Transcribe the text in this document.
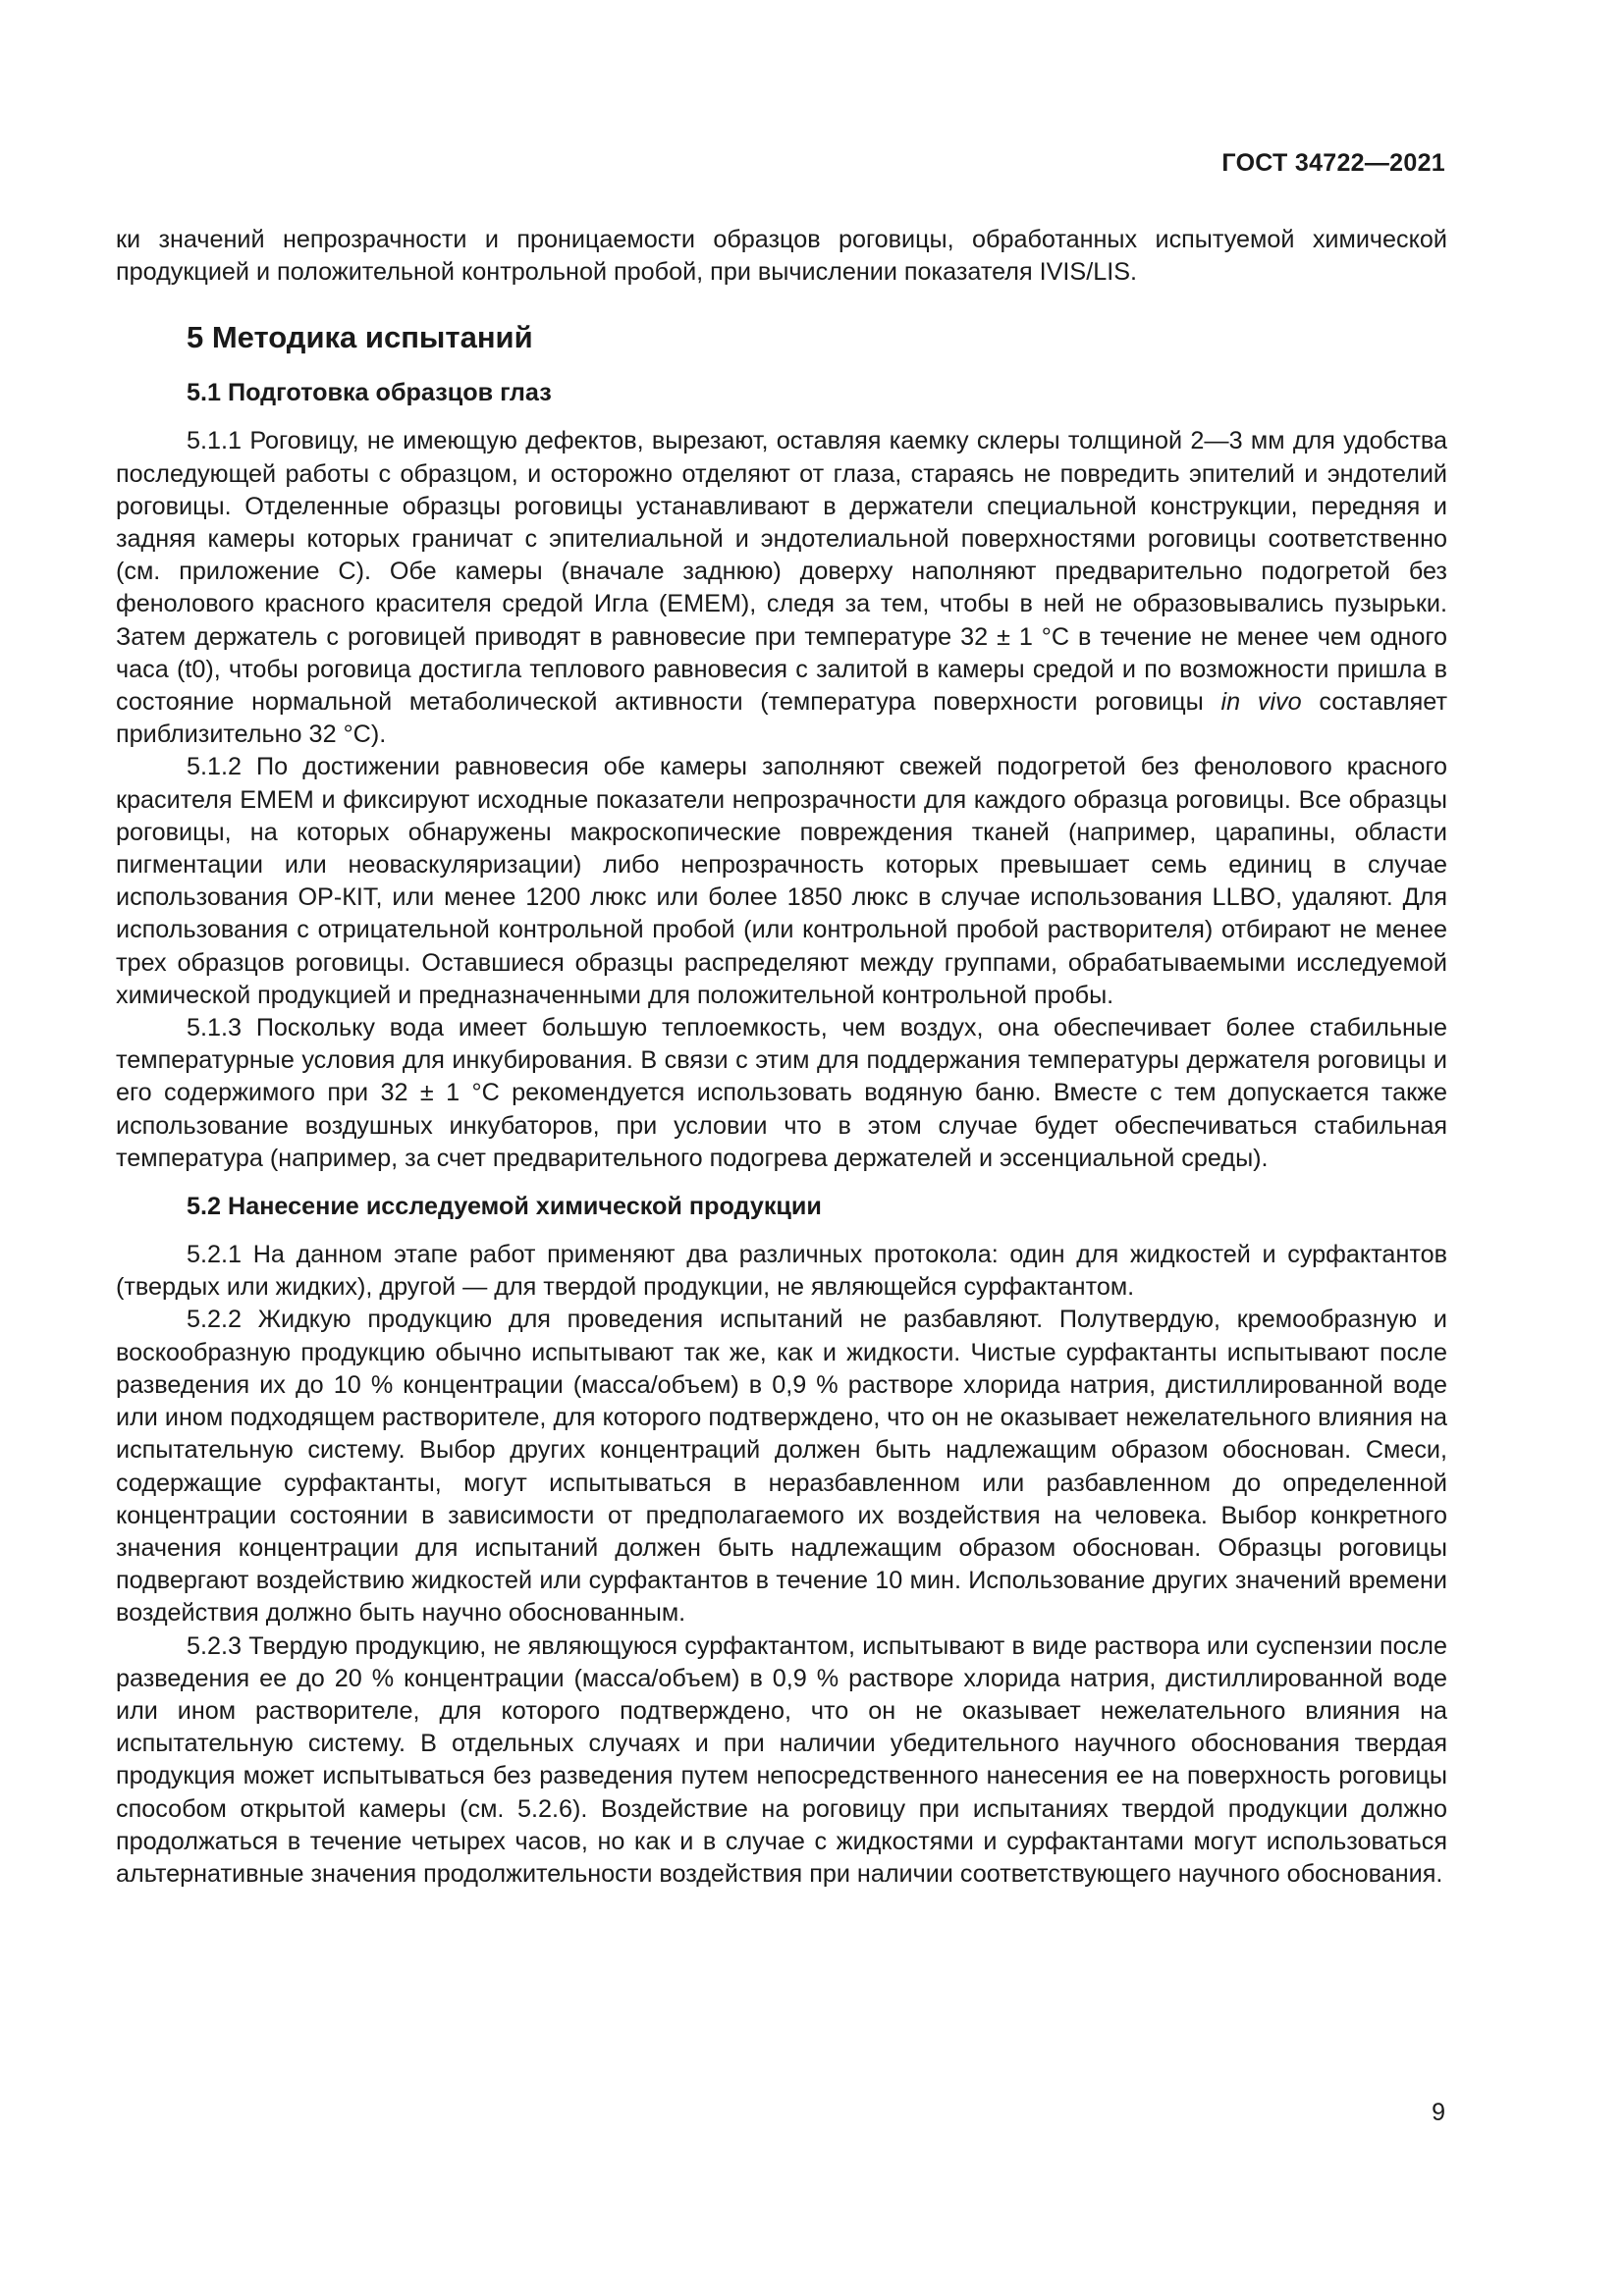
ГОСТ 34722—2021

ки значений непрозрачности и проницаемости образцов роговицы, обработанных испытуемой химической продукцией и положительной контрольной пробой, при вычислении показателя IVIS/LIS.

5 Методика испытаний
5.1 Подготовка образцов глаз

5.1.1 Роговицу, не имеющую дефектов, вырезают, оставляя каемку склеры толщиной 2—3 мм для удобства последующей работы с образцом, и осторожно отделяют от глаза, стараясь не повредить эпителий и эндотелий роговицы. Отделенные образцы роговицы устанавливают в держатели специальной конструкции, передняя и задняя камеры которых граничат с эпителиальной и эндотелиальной поверхностями роговицы соответственно (см. приложение С). Обе камеры (вначале заднюю) доверху наполняют предварительно подогретой без фенолового красного красителя средой Игла (ЕМЕМ), следя за тем, чтобы в ней не образовывались пузырьки. Затем держатель с роговицей приводят в равновесие при температуре 32 ± 1 °С в течение не менее чем одного часа (t0), чтобы роговица достигла теплового равновесия с залитой в камеры средой и по возможности пришла в состояние нормальной метаболической активности (температура поверхности роговицы in vivo составляет приблизительно 32 °С).

5.1.2 По достижении равновесия обе камеры заполняют свежей подогретой без фенолового красного красителя ЕМЕМ и фиксируют исходные показатели непрозрачности для каждого образца роговицы. Все образцы роговицы, на которых обнаружены макроскопические повреждения тканей (например, царапины, области пигментации или неоваскуляризации) либо непрозрачность которых превышает семь единиц в случае использования ОР-КIТ, или менее 1200 люкс или более 1850 люкс в случае использования LLBO, удаляют. Для использования с отрицательной контрольной пробой (или контрольной пробой растворителя) отбирают не менее трех образцов роговицы. Оставшиеся образцы распределяют между группами, обрабатываемыми исследуемой химической продукцией и предназначенными для положительной контрольной пробы.

5.1.3 Поскольку вода имеет большую теплоемкость, чем воздух, она обеспечивает более стабильные температурные условия для инкубирования. В связи с этим для поддержания температуры держателя роговицы и его содержимого при 32 ± 1 °С рекомендуется использовать водяную баню. Вместе с тем допускается также использование воздушных инкубаторов, при условии что в этом случае будет обеспечиваться стабильная температура (например, за счет предварительного подогрева держателей и эссенциальной среды).

5.2 Нанесение исследуемой химической продукции

5.2.1 На данном этапе работ применяют два различных протокола: один для жидкостей и сурфактантов (твердых или жидких), другой — для твердой продукции, не являющейся сурфактантом.

5.2.2 Жидкую продукцию для проведения испытаний не разбавляют. Полутвердую, кремообразную и воскообразную продукцию обычно испытывают так же, как и жидкости. Чистые сурфактанты испытывают после разведения их до 10 % концентрации (масса/объем) в 0,9 % растворе хлорида натрия, дистиллированной воде или ином подходящем растворителе, для которого подтверждено, что он не оказывает нежелательного влияния на испытательную систему. Выбор других концентраций должен быть надлежащим образом обоснован. Смеси, содержащие сурфактанты, могут испытываться в неразбавленном или разбавленном до определенной концентрации состоянии в зависимости от предполагаемого их воздействия на человека. Выбор конкретного значения концентрации для испытаний должен быть надлежащим образом обоснован. Образцы роговицы подвергают воздействию жидкостей или сурфактантов в течение 10 мин. Использование других значений времени воздействия должно быть научно обоснованным.

5.2.3 Твердую продукцию, не являющуюся сурфактантом, испытывают в виде раствора или суспензии после разведения ее до 20 % концентрации (масса/объем) в 0,9 % растворе хлорида натрия, дистиллированной воде или ином растворителе, для которого подтверждено, что он не оказывает нежелательного влияния на испытательную систему. В отдельных случаях и при наличии убедительного научного обоснования твердая продукция может испытываться без разведения путем непосредственного нанесения ее на поверхность роговицы способом открытой камеры (см. 5.2.6). Воздействие на роговицу при испытаниях твердой продукции должно продолжаться в течение четырех часов, но как и в случае с жидкостями и сурфактантами могут использоваться альтернативные значения продолжительности воздействия при наличии соответствующего научного обоснования.

9
